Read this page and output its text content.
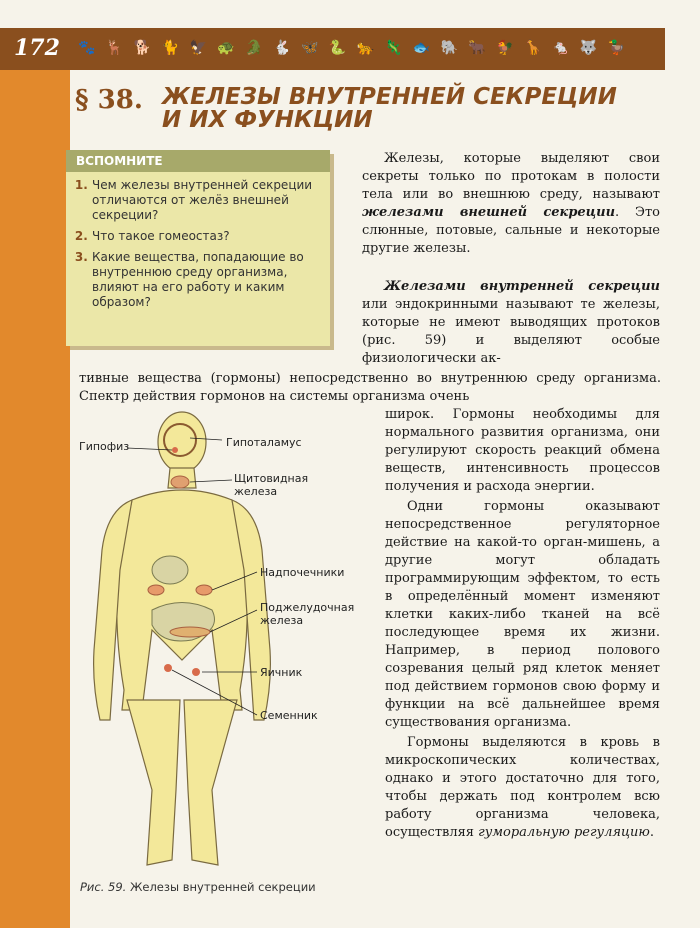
172 🐾 🦌 🐕 🐈 🦅 🐢 🐊 🐇 🦋 🐍 🐆 🦎 🐟 🐘 🐂 🐓 🦒 🐁 🐺 🦆
§ 38. ЖЕЛЕЗЫ ВНУТРЕННЕЙ СЕКРЕЦИИ
И ИХ ФУНКЦИИ
ВСПОМНИТЕ
1. Чем железы внутренней секреции отличаются от желёз внешней секреции?
2. Что такое гомеостаз?
3. Какие вещества, попадающие во внутреннюю среду организма, влияют на его работу и каким образом?

Железы, которые выделяют свои секреты только по протокам в полости тела или во внешнюю среду, называют железами внешней секреции. Это слюнные, потовые, сальные и некоторые другие железы.

Железами внутренней секреции или эндокринными называют те железы, которые не имеют выводящих протоков (рис. 59) и выделяют особые физиологически ак-

тивные вещества (гормоны) непосредственно во внутреннюю среду организма. Спектр действия гормонов на системы организма очень

широк. Гормоны необходимы для нормального развития организма, они регулируют скорость реакций обмена веществ, интенсивность процессов получения и расхода энергии.

Одни гормоны оказывают непосредственное регуляторное действие на какой-то орган-мишень, а другие могут обладать программирующим эффектом, то есть в определённый момент изменяют клетки каких-либо тканей на всё последующее время их жизни. Например, в период полового созревания целый ряд клеток меняет под действием гормонов свою форму и функции на всё дальнейшее время существования организма.

Гормоны выделяются в кровь в микроскопических количествах, однако и этого достаточно для того, чтобы держать под контролем всю работу организма человека, осуществляя гуморальную регуляцию.

Гипофиз	Гипоталамус
Щитовидная
железа
Надпочечники
Поджелудочная
железа
Яичник
Семенник
Рис. 59. Железы внутренней секреции
